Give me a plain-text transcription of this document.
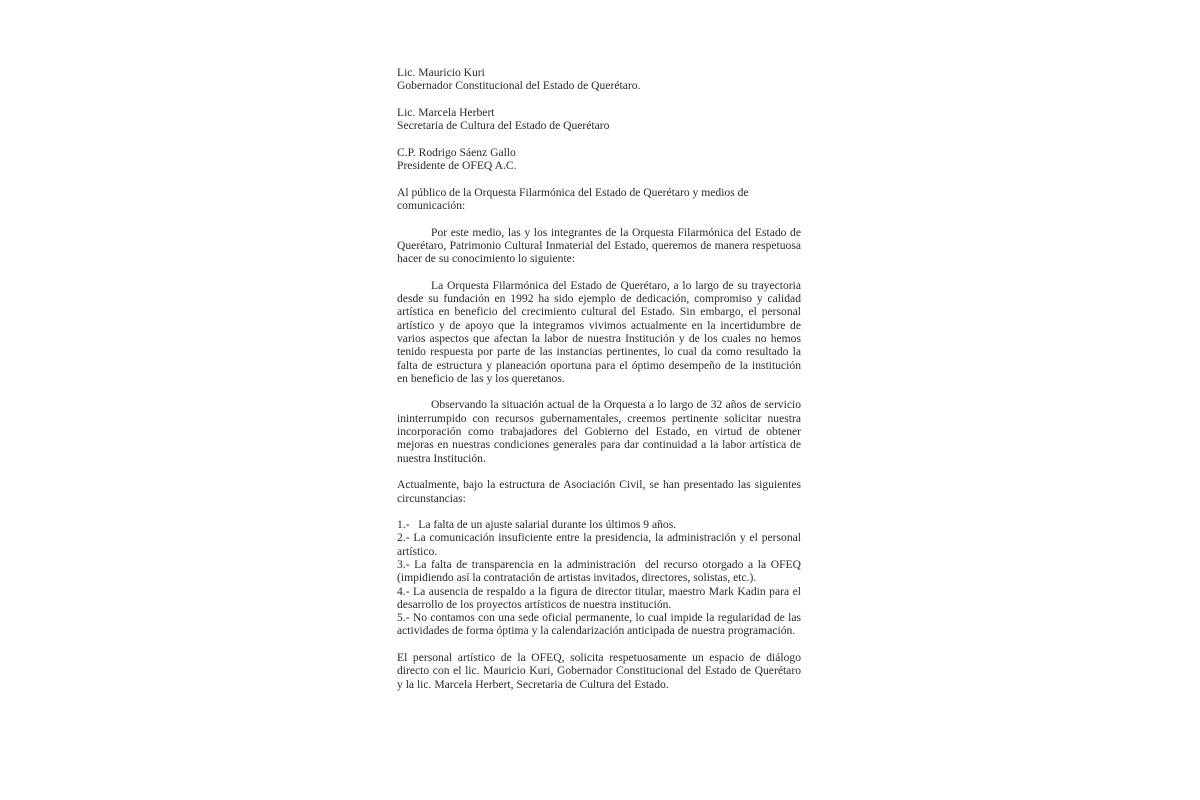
Lic. Mauricio Kuri
Gobernador Constitucional del Estado de Querétaro.
Lic. Marcela Herbert
Secretaria de Cultura del Estado de Querétaro
C.P. Rodrigo Sáenz Gallo
Presidente de OFEQ A.C.

Al público de la Orquesta Filarmónica del Estado de Querétaro y medios de comunicación:

Por este medio, las y los integrantes de la Orquesta Filarmónica del Estado de Querétaro, Patrimonio Cultural Inmaterial del Estado, queremos de manera respetuosa hacer de su conocimiento lo siguiente:

La Orquesta Filarmónica del Estado de Querétaro, a lo largo de su trayectoria desde su fundación en 1992 ha sido ejemplo de dedicación, compromiso y calidad artística en beneficio del crecimiento cultural del Estado. Sin embargo, el personal artístico y de apoyo que la integramos vivimos actualmente en la incertidumbre de varios aspectos que afectan la labor de nuestra Institución y de los cuales no hemos tenido respuesta por parte de las instancias pertinentes, lo cual da como resultado la falta de estructura y planeación oportuna para el óptimo desempeño de la institución en beneficio de las y los queretanos.

Observando la situación actual de la Orquesta a lo largo de 32 años de servicio ininterrumpido con recursos gubernamentales, creemos pertinente solicitar nuestra incorporación como trabajadores del Gobierno del Estado, en virtud de obtener mejoras en nuestras condiciones generales para dar continuidad a la labor artística de nuestra Institución.

Actualmente, bajo la estructura de Asociación Civil, se han presentado las siguientes circunstancias:

1.-   La falta de un ajuste salarial durante los últimos 9 años.

2.- La comunicación insuficiente entre la presidencia, la administración y el personal artístico.

3.- La falta de transparencia en la administración  del recurso otorgado a la OFEQ (impidiendo así la contratación de artistas invitados, directores, solistas, etc.).

4.- La ausencia de respaldo a la figura de director titular, maestro Mark Kadin para el desarrollo de los proyectos artísticos de nuestra institución.

5.- No contamos con una sede oficial permanente, lo cual impide la regularidad de las actividades de forma óptima y la calendarización anticipada de nuestra programación.

El personal artístico de la OFEQ, solicita respetuosamente un espacio de diálogo directo con el lic. Mauricio Kuri, Gobernador Constitucional del Estado de Querétaro y la lic. Marcela Herbert, Secretaria de Cultura del Estado.
